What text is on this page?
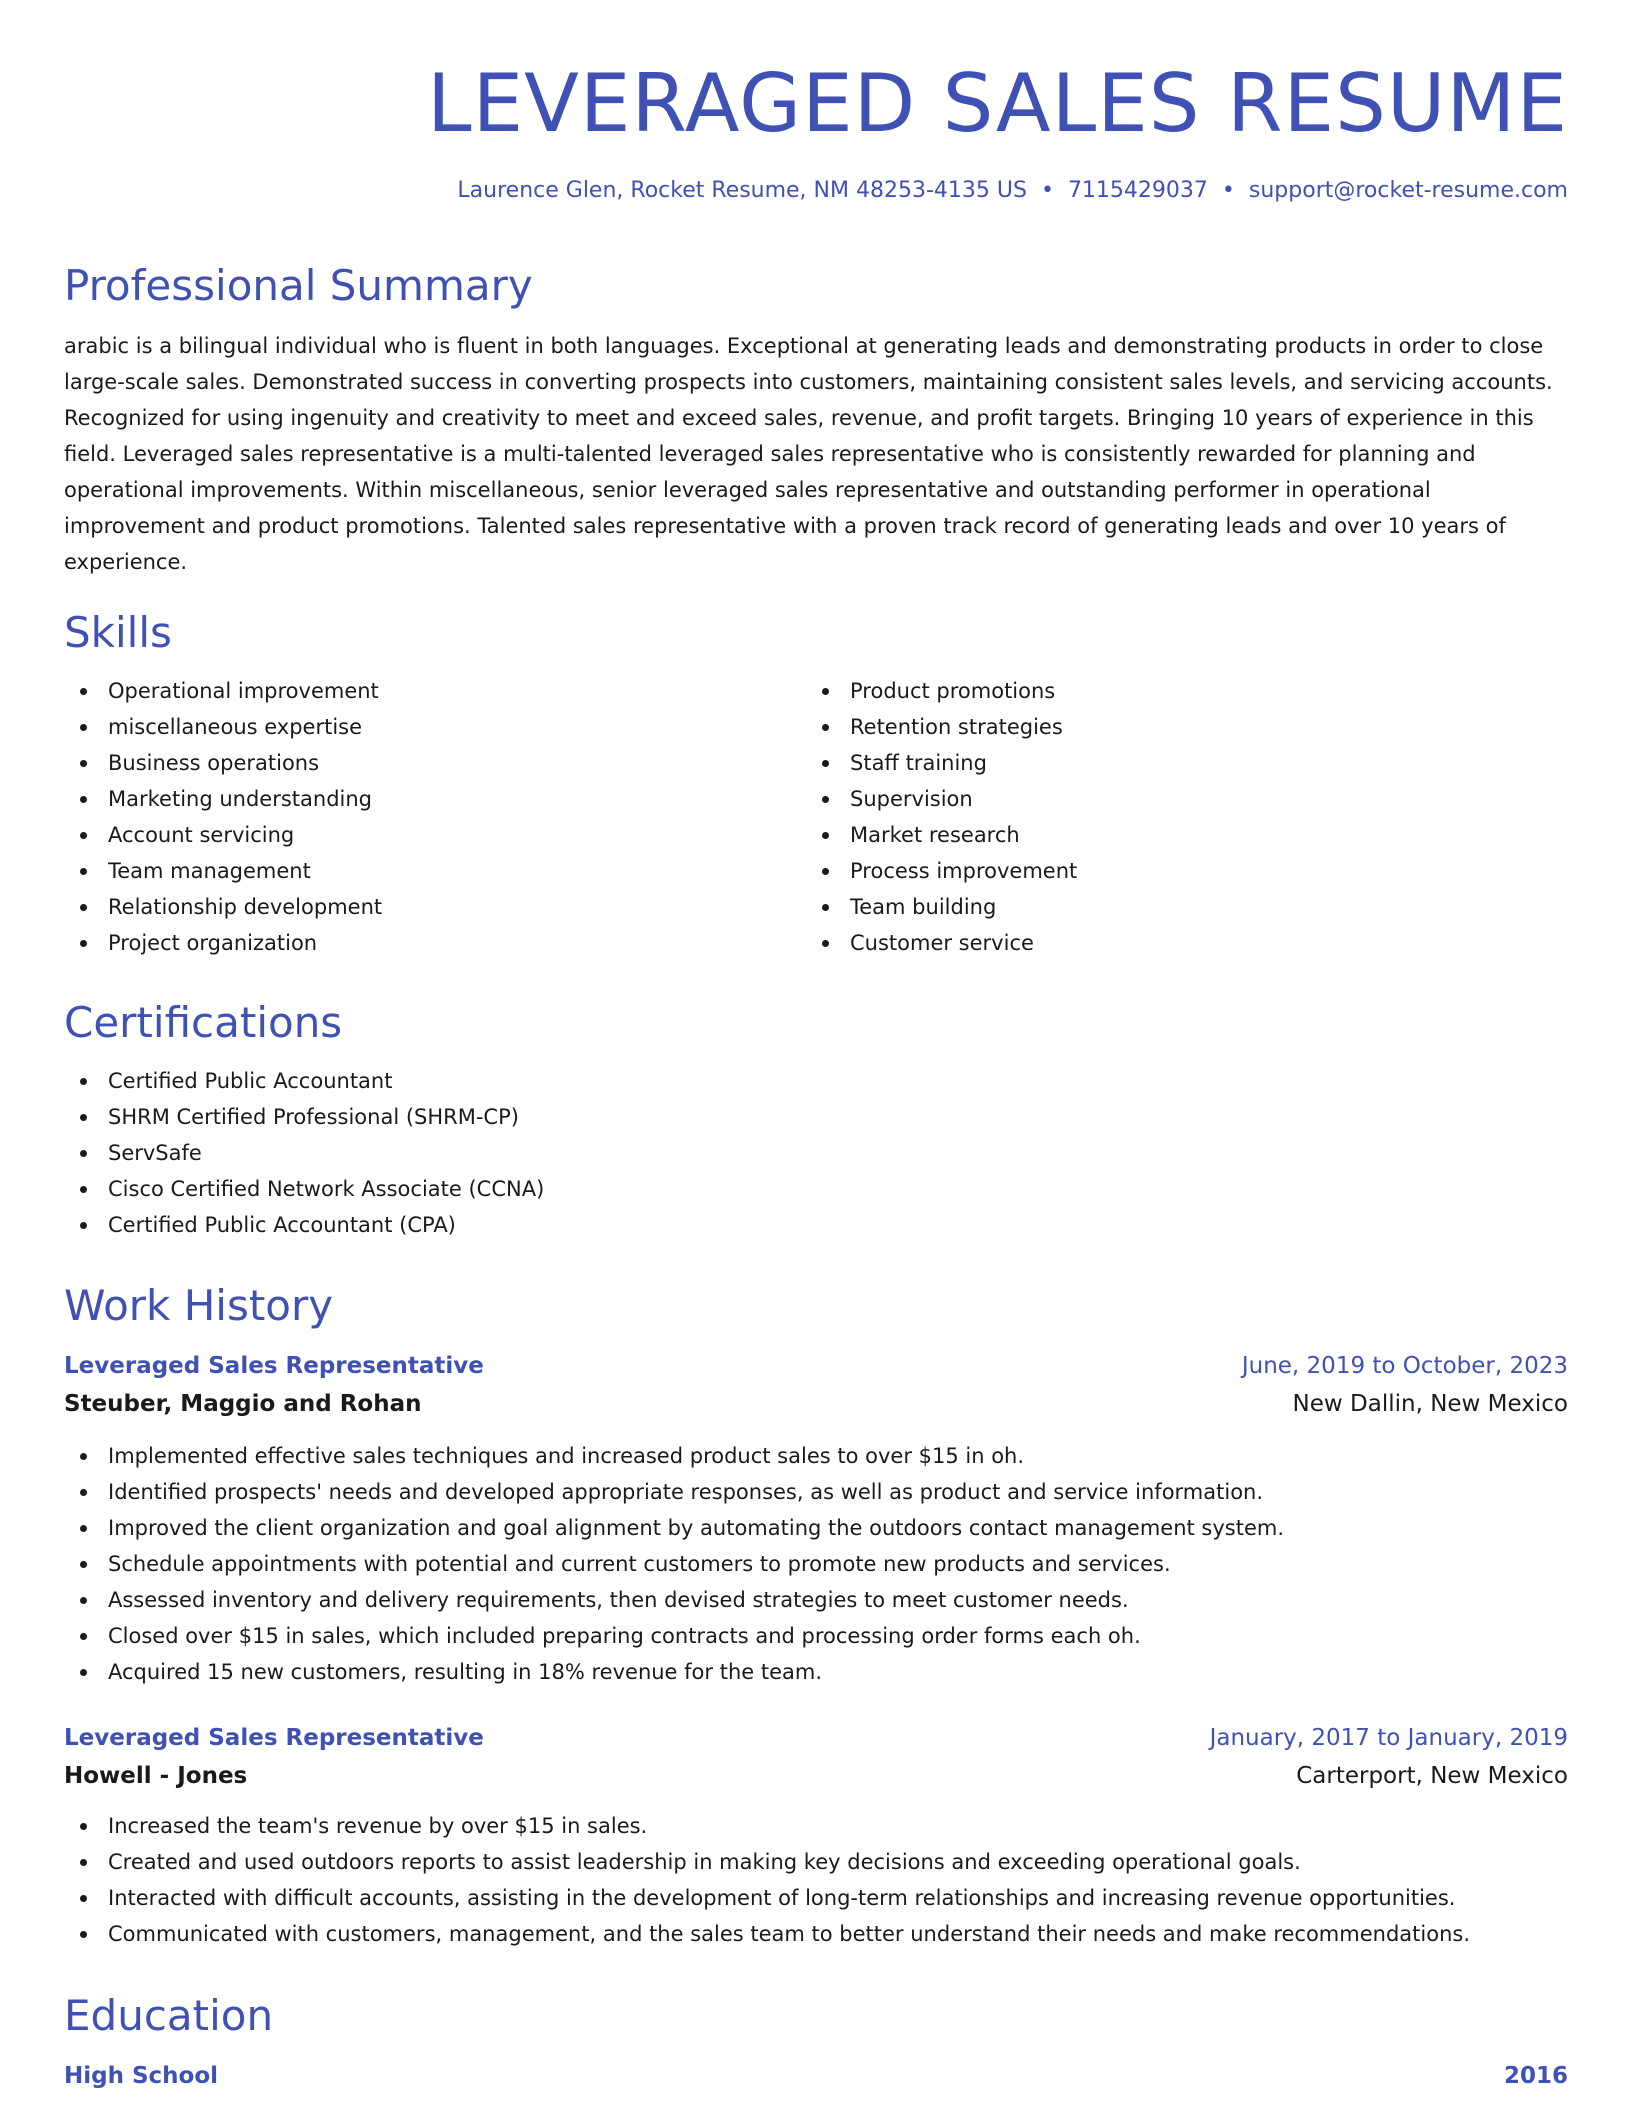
LEVERAGED SALES RESUME
Laurence Glen, Rocket Resume, NM 48253-4135 US • 7115429037 • support@rocket-resume.com
Professional Summary

arabic is a bilingual individual who is fluent in both languages. Exceptional at generating leads and demonstrating products in order to close large-scale sales. Demonstrated success in converting prospects into customers, maintaining consistent sales levels, and servicing accounts. Recognized for using ingenuity and creativity to meet and exceed sales, revenue, and profit targets. Bringing 10 years of experience in this field. Leveraged sales representative is a multi-talented leveraged sales representative who is consistently rewarded for planning and operational improvements. Within miscellaneous, senior leveraged sales representative and outstanding performer in operational improvement and product promotions. Talented sales representative with a proven track record of generating leads and over 10 years of experience.

Skills
Operational improvement
miscellaneous expertise
Business operations
Marketing understanding
Account servicing
Team management
Relationship development
Project organization
Product promotions
Retention strategies
Staff training
Supervision
Market research
Process improvement
Team building
Customer service
Certifications
Certified Public Accountant
SHRM Certified Professional (SHRM-CP)
ServSafe
Cisco Certified Network Associate (CCNA)
Certified Public Accountant (CPA)
Work History
Leveraged Sales Representative	June, 2019 to October, 2023
Steuber, Maggio and Rohan	New Dallin, New Mexico
Implemented effective sales techniques and increased product sales to over $15 in oh.
Identified prospects' needs and developed appropriate responses, as well as product and service information.
Improved the client organization and goal alignment by automating the outdoors contact management system.
Schedule appointments with potential and current customers to promote new products and services.
Assessed inventory and delivery requirements, then devised strategies to meet customer needs.
Closed over $15 in sales, which included preparing contracts and processing order forms each oh.
Acquired 15 new customers, resulting in 18% revenue for the team.
Leveraged Sales Representative	January, 2017 to January, 2019
Howell - Jones	Carterport, New Mexico
Increased the team's revenue by over $15 in sales.
Created and used outdoors reports to assist leadership in making key decisions and exceeding operational goals.
Interacted with difficult accounts, assisting in the development of long-term relationships and increasing revenue opportunities.
Communicated with customers, management, and the sales team to better understand their needs and make recommendations.
Education
High School	2016
